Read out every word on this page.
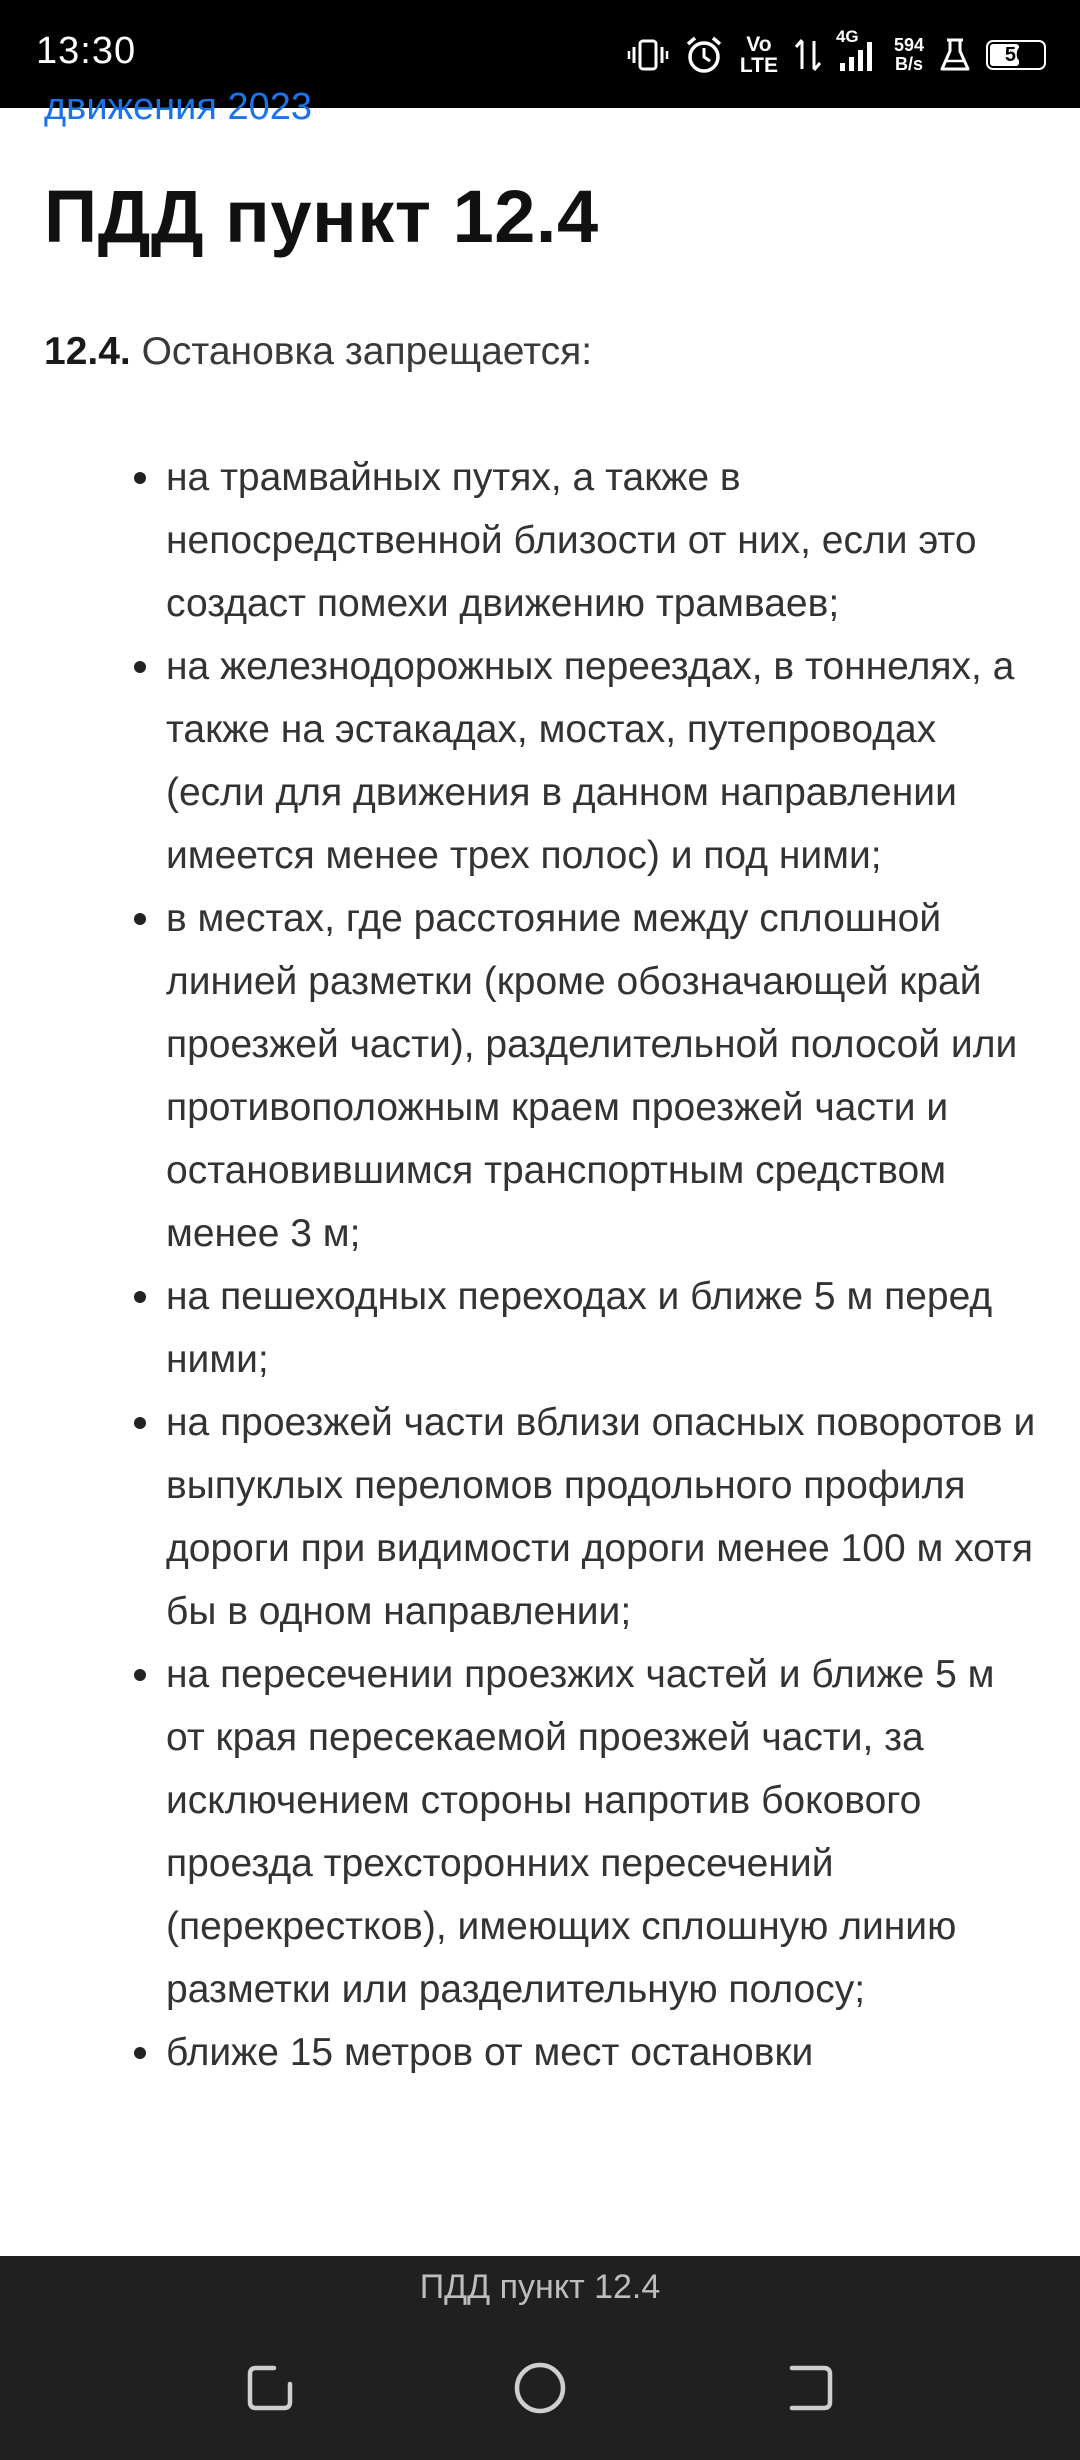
13:30	Vo
LTE
4G 594
B/s	56
движения 2023
ПДД пункт 12.4

12.4. Остановка запрещается:

на трамвайных путях, а также в непосредственной близости от них, если это создаст помехи движению трамваев;
на железнодорожных переездах, в тоннелях, а также на эстакадах, мостах, путепроводах (если для движения в данном направлении имеется менее трех полос) и под ними;
в местах, где расстояние между сплошной линией разметки (кроме обозначающей край проезжей части), разделительной полосой или противоположным краем проезжей части и остановившимся транспортным средством менее 3 м;
на пешеходных переходах и ближе 5 м перед ними;
на проезжей части вблизи опасных поворотов и выпуклых переломов продольного профиля дороги при видимости дороги менее 100 м хотя бы в одном направлении;
на пересечении проезжих частей и ближе 5 м от края пересекаемой проезжей части, за исключением стороны напротив бокового проезда трехсторонних пересечений (перекрестков), имеющих сплошную линию разметки или разделительную полосу;
ближе 15 метров от мест остановки
ПДД пункт 12.4
